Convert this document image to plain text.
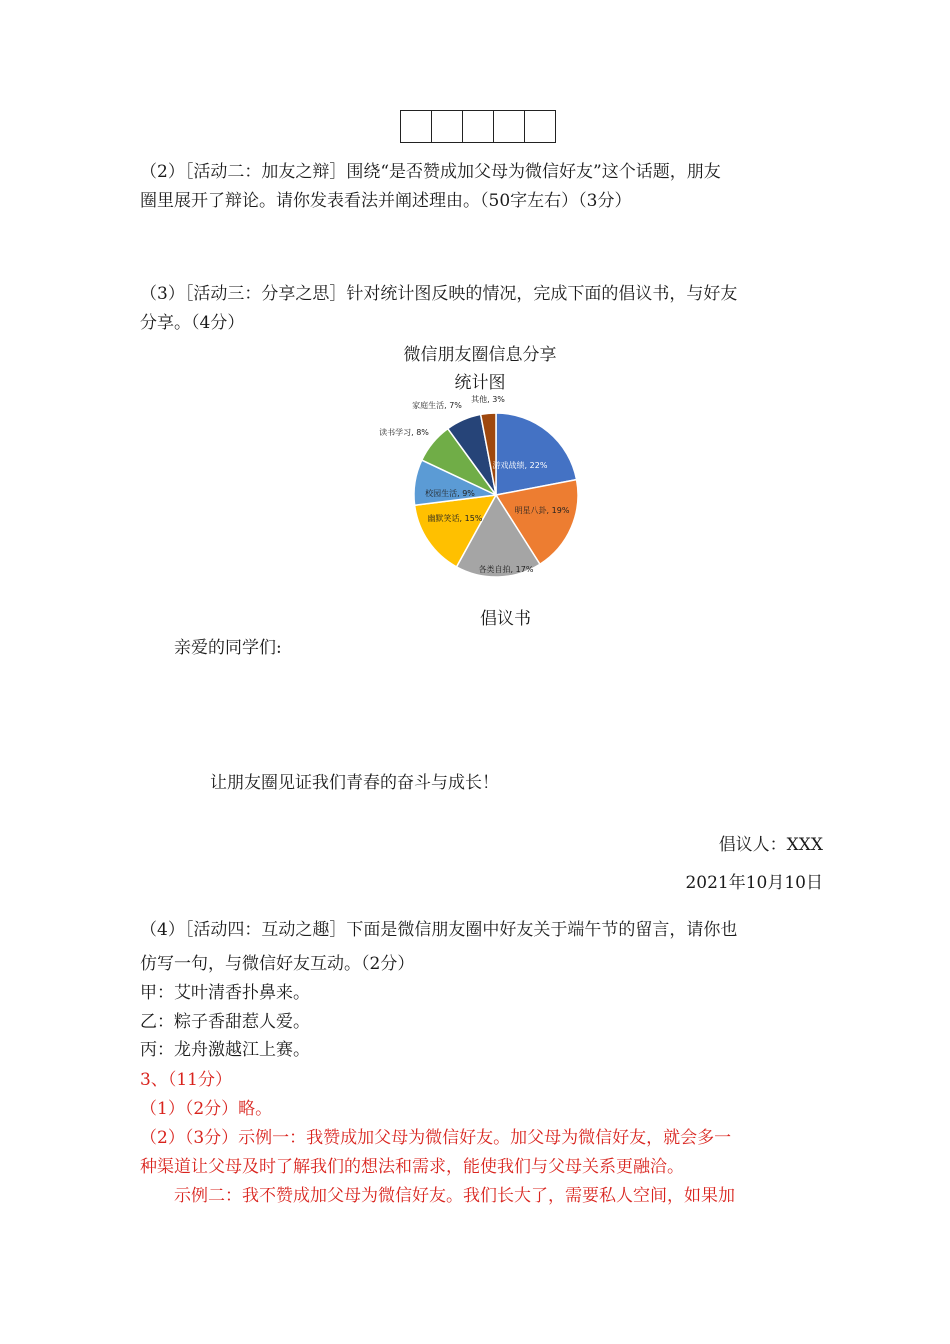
（2）［活动二：加友之辩］围绕“是否赞成加父母为微信好友”这个话题，朋友
圈里展开了辩论。请你发表看法并阐述理由。（50字左右）（3分）
（3）［活动三：分享之思］针对统计图反映的情况，完成下面的倡议书，与好友
分享。（4分）
微信朋友圈信息分享
统计图
游戏战绩, 22%
明星八卦, 19%
各类自拍, 17%
幽默笑话, 15%
校园生活, 9%
读书学习, 8%
家庭生活, 7%
其他, 3%
倡议书
亲爱的同学们:
让朋友圈见证我们青春的奋斗与成长！
倡议人：XXX
2021年10月10日
（4）［活动四：互动之趣］下面是微信朋友圈中好友关于端午节的留言，请你也
仿写一句，与微信好友互动。（2分）
甲：艾叶清香扑鼻来。
乙：粽子香甜惹人爱。
丙：龙舟激越江上赛。
3、（11分）
（1）（2分）略。
（2）（3分）示例一：我赞成加父母为微信好友。加父母为微信好友，就会多一
种渠道让父母及时了解我们的想法和需求，能使我们与父母关系更融洽。
示例二：我不赞成加父母为微信好友。我们长大了，需要私人空间，如果加
